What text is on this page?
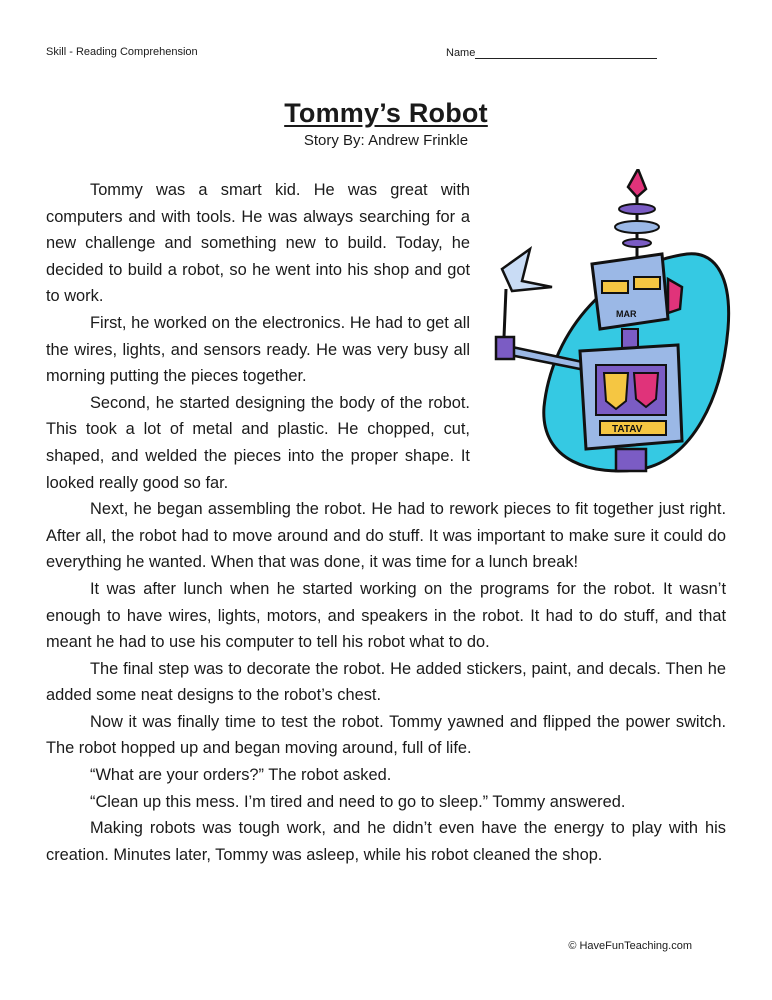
Skill - Reading Comprehension	Name
Tommy’s Robot
Story By: Andrew Frinkle
MAR
TATAV

Tommy was a smart kid. He was great with computers and with tools. He was always searching for a new challenge and something new to build. Today, he decided to build a robot, so he went into his shop and got to work.

First, he worked on the electronics. He had to get all the wires, lights, and sensors ready. He was very busy all morning putting the pieces together.

Second, he started designing the body of the robot. This took a lot of metal and plastic. He chopped, cut, shaped, and welded the pieces into the proper shape. It looked really good so far.

Next, he began assembling the robot. He had to rework pieces to fit together just right. After all, the robot had to move around and do stuff. It was important to make sure it could do everything he wanted. When that was done, it was time for a lunch break!

It was after lunch when he started working on the programs for the robot. It wasn’t enough to have wires, lights, motors, and speakers in the robot. It had to do stuff, and that meant he had to use his computer to tell his robot what to do.

The final step was to decorate the robot. He added stickers, paint, and decals. Then he added some neat designs to the robot’s chest.

Now it was finally time to test the robot. Tommy yawned and flipped the power switch. The robot hopped up and began moving around, full of life.

“What are your orders?” The robot asked.

“Clean up this mess. I’m tired and need to go to sleep.” Tommy answered.

Making robots was tough work, and he didn’t even have the energy to play with his creation. Minutes later, Tommy was asleep, while his robot cleaned the shop.

© HaveFunTeaching.com
